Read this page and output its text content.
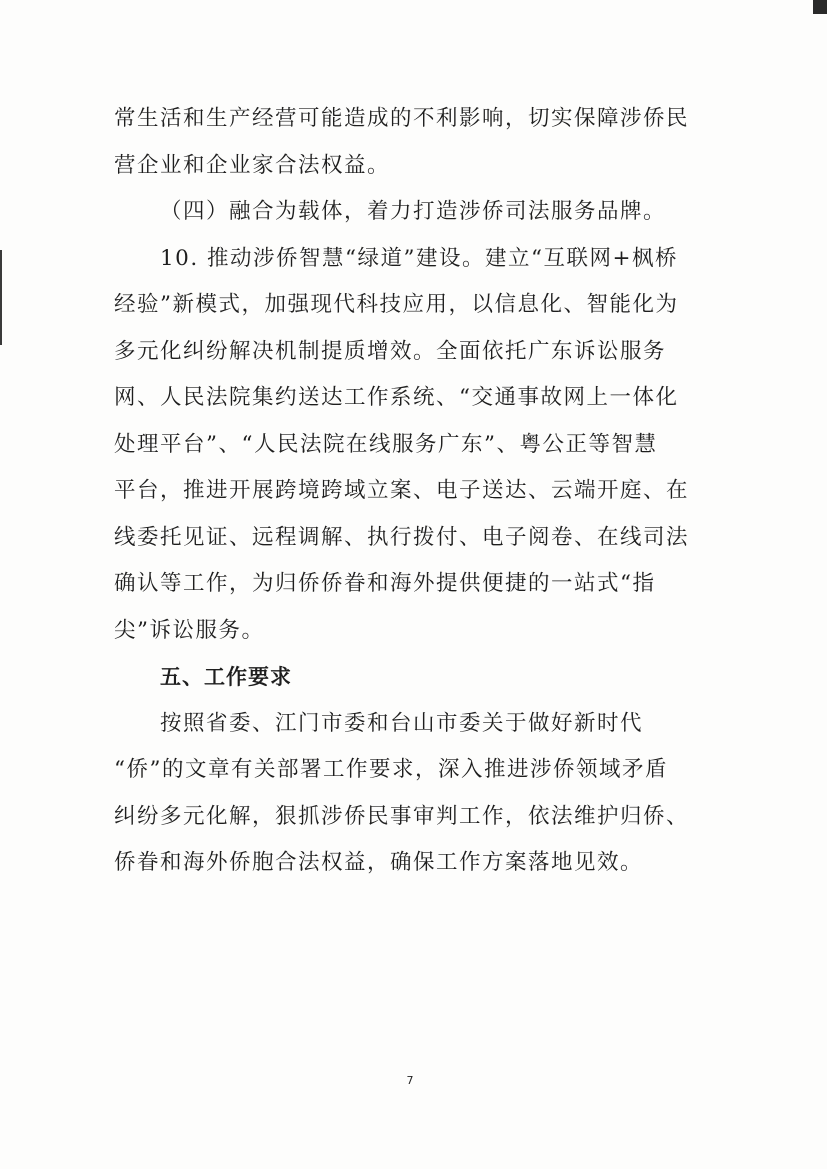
常生活和生产经营可能造成的不利影响，切实保障涉侨民
营企业和企业家合法权益。
（四）融合为载体，着力打造涉侨司法服务品牌。
10. 推动涉侨智慧“绿道”建设。建立“互联网+枫桥
经验”新模式，加强现代科技应用，以信息化、智能化为
多元化纠纷解决机制提质增效。全面依托广东诉讼服务
网、人民法院集约送达工作系统、“交通事故网上一体化
处理平台”、“人民法院在线服务广东”、粤公正等智慧
平台，推进开展跨境跨域立案、电子送达、云端开庭、在
线委托见证、远程调解、执行拨付、电子阅卷、在线司法
确认等工作，为归侨侨眷和海外提供便捷的一站式“指
尖”诉讼服务。
五、工作要求
按照省委、江门市委和台山市委关于做好新时代
“侨”的文章有关部署工作要求，深入推进涉侨领域矛盾
纠纷多元化解，狠抓涉侨民事审判工作，依法维护归侨、
侨眷和海外侨胞合法权益，确保工作方案落地见效。
7
